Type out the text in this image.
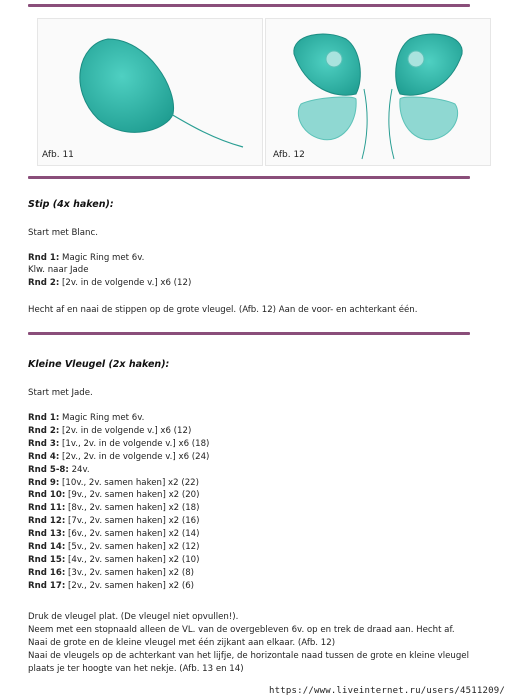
Afb. 11	Afb. 12
Stip (4x haken):
Start met Blanc.
Rnd 1: Magic Ring met 6v.
Klw. naar Jade
Rnd 2: [2v. in de volgende v.] x6 (12)
Hecht af en naai de stippen op de grote vleugel. (Afb. 12) Aan de voor- en achterkant één.
Kleine Vleugel (2x haken):
Start met Jade.
Rnd 1: Magic Ring met 6v.
Rnd 2: [2v. in de volgende v.] x6 (12)
Rnd 3: [1v., 2v. in de volgende v.] x6 (18)
Rnd 4: [2v., 2v. in de volgende v.] x6 (24)
Rnd 5-8: 24v.
Rnd 9: [10v., 2v. samen haken] x2 (22)
Rnd 10: [9v., 2v. samen haken] x2 (20)
Rnd 11: [8v., 2v. samen haken] x2 (18)
Rnd 12: [7v., 2v. samen haken] x2 (16)
Rnd 13: [6v., 2v. samen haken] x2 (14)
Rnd 14: [5v., 2v. samen haken] x2 (12)
Rnd 15: [4v., 2v. samen haken] x2 (10)
Rnd 16: [3v., 2v. samen haken] x2 (8)
Rnd 17: [2v., 2v. samen haken] x2 (6)
Druk de vleugel plat. (De vleugel niet opvullen!).
Neem met een stopnaald alleen de VL. van de overgebleven 6v. op en trek de draad aan. Hecht af.
Naai de grote en de kleine vleugel met één zijkant aan elkaar. (Afb. 12)
Naai de vleugels op de achterkant van het lijfje, de horizontale naad tussen de grote en kleine vleugel
plaats je ter hoogte van het nekje. (Afb. 13 en 14)
https://www.liveinternet.ru/users/4511209/
